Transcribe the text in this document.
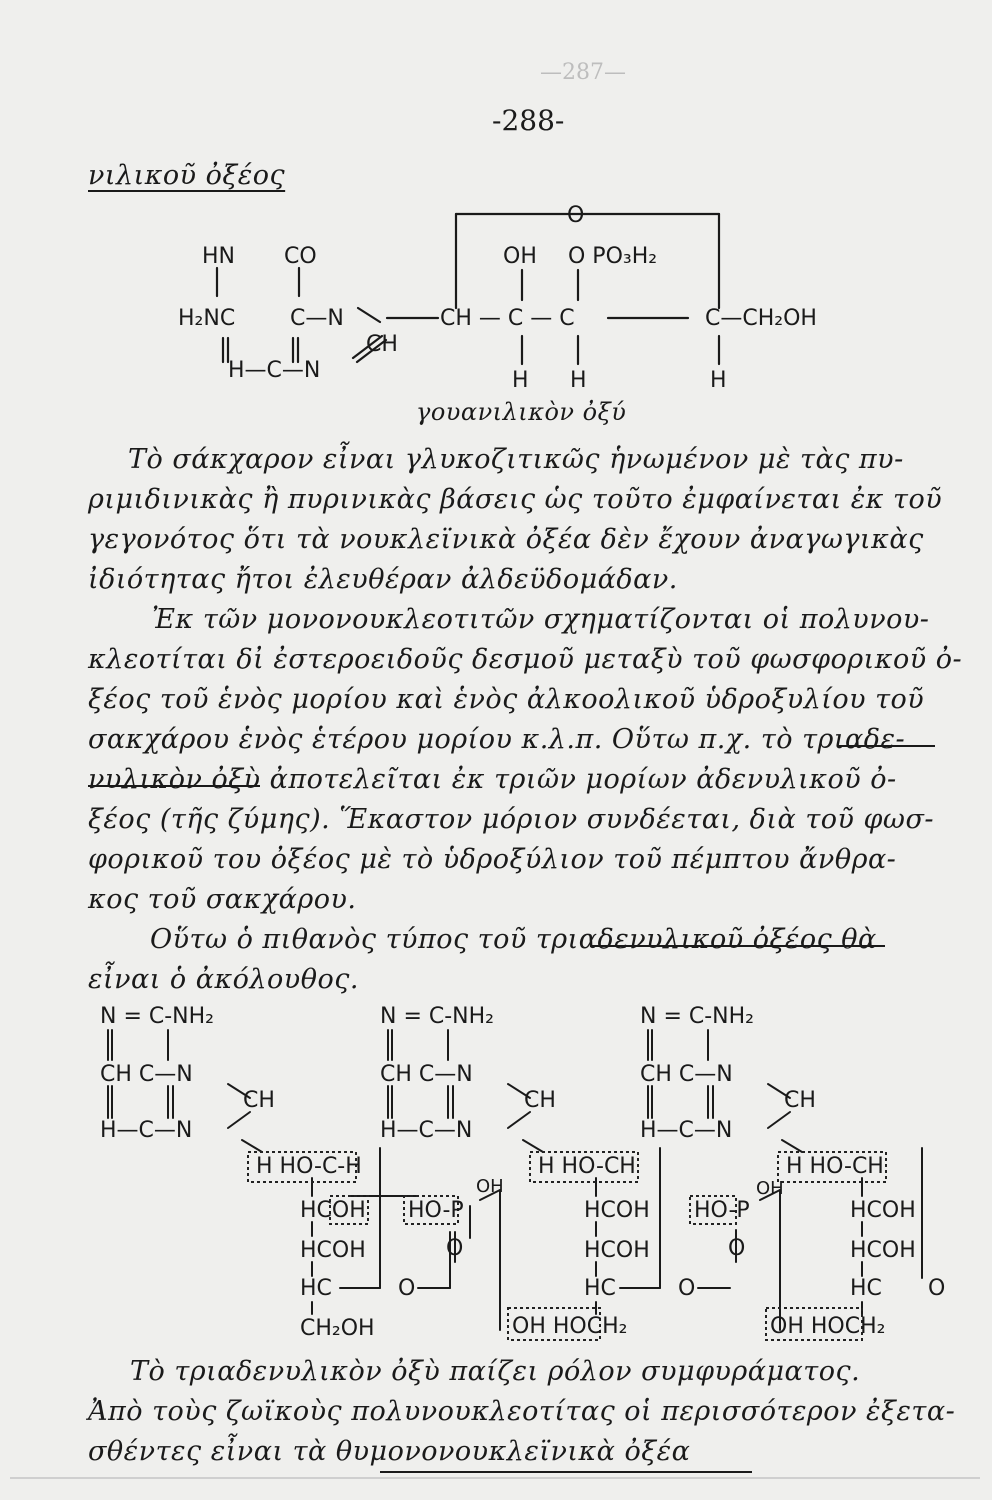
—287—
-288-
νιλικοῦ ὀξέος
O
HN CO	OH O PO₃H₂
H₂NC C—N	CH — C — C	C—CH₂OH
CH
H—C—N	H H	H
γουανιλικὸν ὀξύ
Τὸ σάκχαρον εἶναι γλυκοζιτικῶς ἡνωμένον μὲ τὰς πυ-
ριμιδινικὰς ἢ πυρινικὰς βάσεις ὡς τοῦτο ἐμφαίνεται ἐκ τοῦ
γεγονότος ὅτι τὰ νουκλεϊνικὰ ὀξέα δὲν ἔχουν ἀναγωγικὰς
ἰδιότητας ἤτοι ἐλευθέραν ἀλδεϋδομάδαν.
Ἐκ τῶν μονονουκλεοτιτῶν σχηματίζονται οἱ πολυνου-
κλεοτίται δἰ ἐστεροειδοῦς δεσμοῦ μεταξὺ τοῦ φωσφορικοῦ ὀ-
ξέος τοῦ ἑνὸς μορίου καὶ ἑνὸς ἀλκοολικοῦ ὑδροξυλίου τοῦ
σακχάρου ἑνὸς ἑτέρου μορίου κ.λ.π. Οὕτω π.χ. τὸ τριαδε-
νυλικὸν ὀξὺ ἀποτελεῖται ἐκ τριῶν μορίων ἀδενυλικοῦ ὀ-
ξέος (τῆς ζύμης). Ἕκαστον μόριον συνδέεται, διὰ τοῦ φωσ-
φορικοῦ του ὀξέος μὲ τὸ ὑδροξύλιον τοῦ πέμπτου ἄνθρα-
κος τοῦ σακχάρου.
Οὕτω ὁ πιθανὸς τύπος τοῦ τριαδενυλικοῦ ὀξέος θὰ
εἶναι ὁ ἀκόλουθος.
N = C-NH₂
CH C—N
CH
H—C—N
H HO-C-H
HCOH
HCOH
HC
CH₂OH
O
HO-P
OH
O
N = C-NH₂
CH C—N
CH
H—C—N
H HO-CH
HCOH
HCOH
HC
OH HOCH₂
O
HO-P
OH
O
N = C-NH₂
CH C—N
CH
H—C—N
H HO-CH
HCOH
HCOH
HC
OH HOCH₂
O
Τὸ τριαδενυλικὸν ὀξὺ παίζει ρόλον συμφυράματος.
Ἀπὸ τοὺς ζωϊκοὺς πολυνουκλεοτίτας οἱ περισσότερον ἐξετα-
σθέντες εἶναι τὰ θυμονονουκλεϊνικὰ ὀξέα
